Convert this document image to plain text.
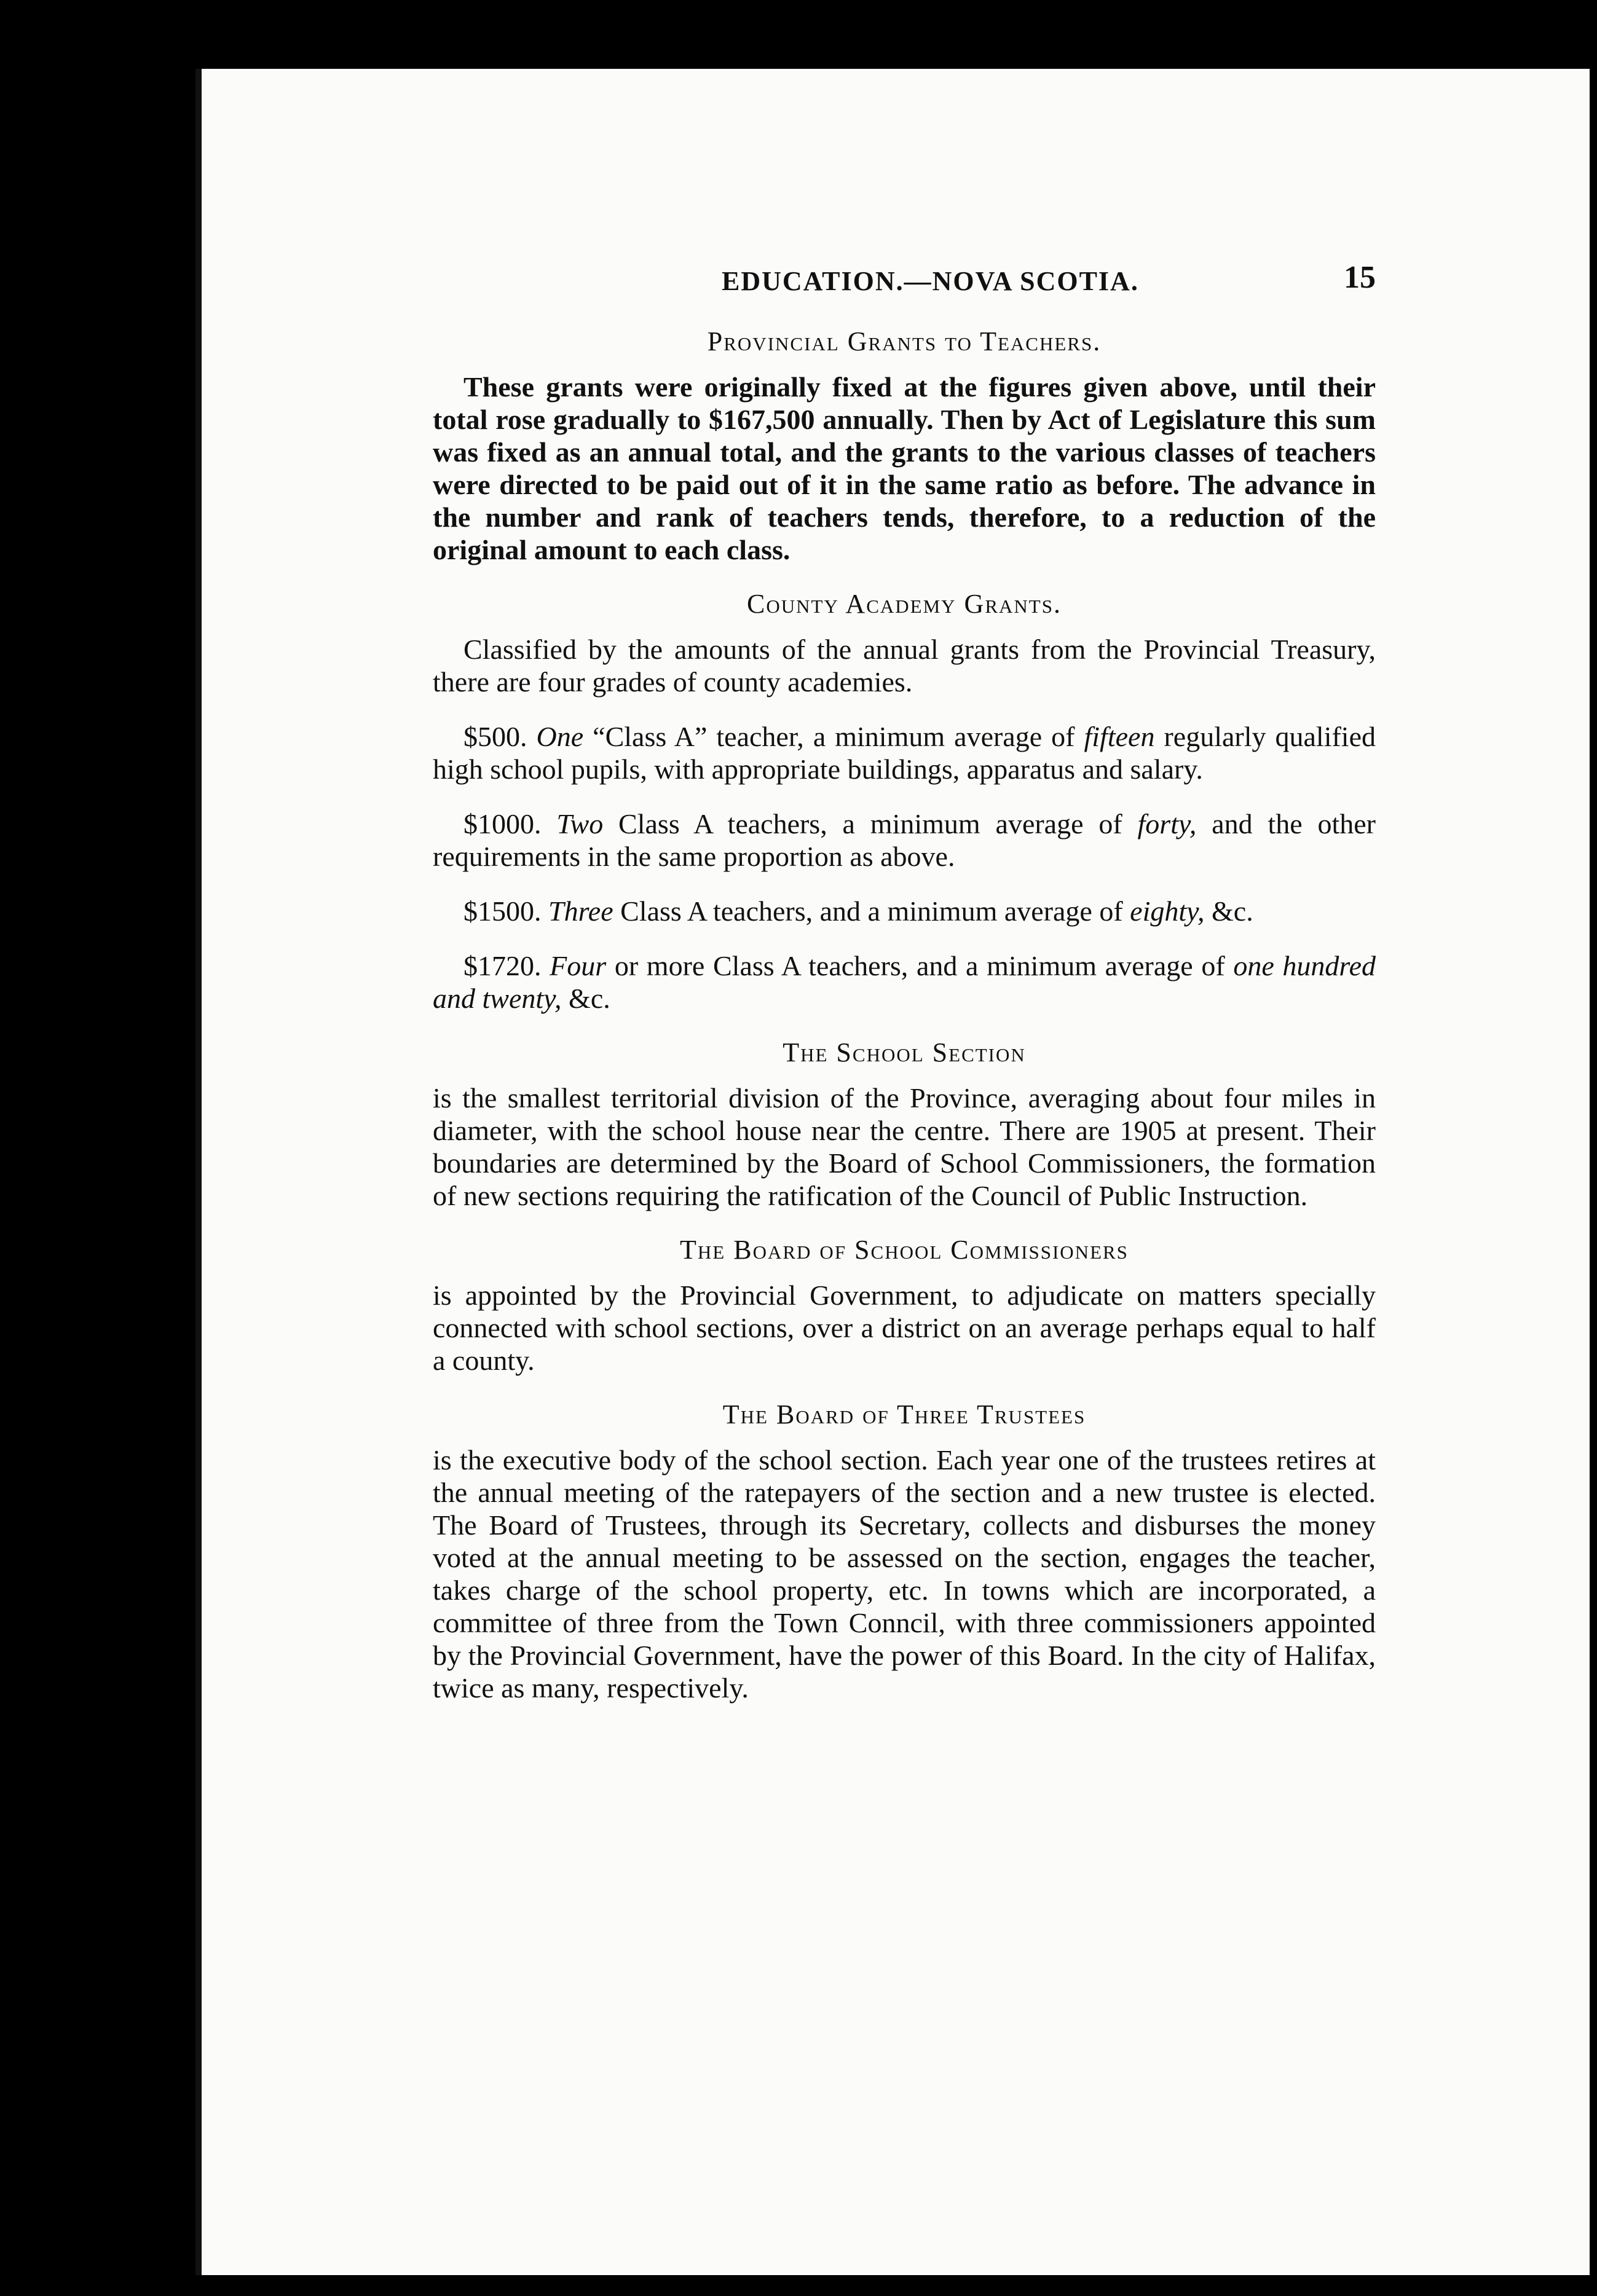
EDUCATION.—NOVA SCOTIA.	15
Provincial Grants to Teachers.

These grants were originally fixed at the figures given above, until their total rose gradually to $167,500 annually. Then by Act of Legislature this sum was fixed as an annual total, and the grants to the various classes of teachers were directed to be paid out of it in the same ratio as before. The advance in the number and rank of teachers tends, therefore, to a reduction of the original amount to each class.

County Academy Grants.

Classified by the amounts of the annual grants from the Provincial Treasury, there are four grades of county academies.

$500. One “Class A” teacher, a minimum average of fifteen regularly qualified high school pupils, with appropriate buildings, apparatus and salary.

$1000. Two Class A teachers, a minimum average of forty, and the other requirements in the same proportion as above.

$1500. Three Class A teachers, and a minimum average of eighty, &c.

$1720. Four or more Class A teachers, and a minimum average of one hundred and twenty, &c.

The School Section

is the smallest territorial division of the Province, averaging about four miles in diameter, with the school house near the centre. There are 1905 at present. Their boundaries are determined by the Board of School Commissioners, the formation of new sections requiring the ratification of the Council of Public Instruction.

The Board of School Commissioners

is appointed by the Provincial Government, to adjudicate on matters specially connected with school sections, over a district on an average perhaps equal to half a county.

The Board of Three Trustees

is the executive body of the school section. Each year one of the trustees retires at the annual meeting of the ratepayers of the section and a new trustee is elected. The Board of Trustees, through its Secretary, collects and disburses the money voted at the annual meeting to be assessed on the section, engages the teacher, takes charge of the school property, etc. In towns which are incorporated, a committee of three from the Town Conncil, with three commissioners appointed by the Provincial Government, have the power of this Board. In the city of Halifax, twice as many, respectively.
